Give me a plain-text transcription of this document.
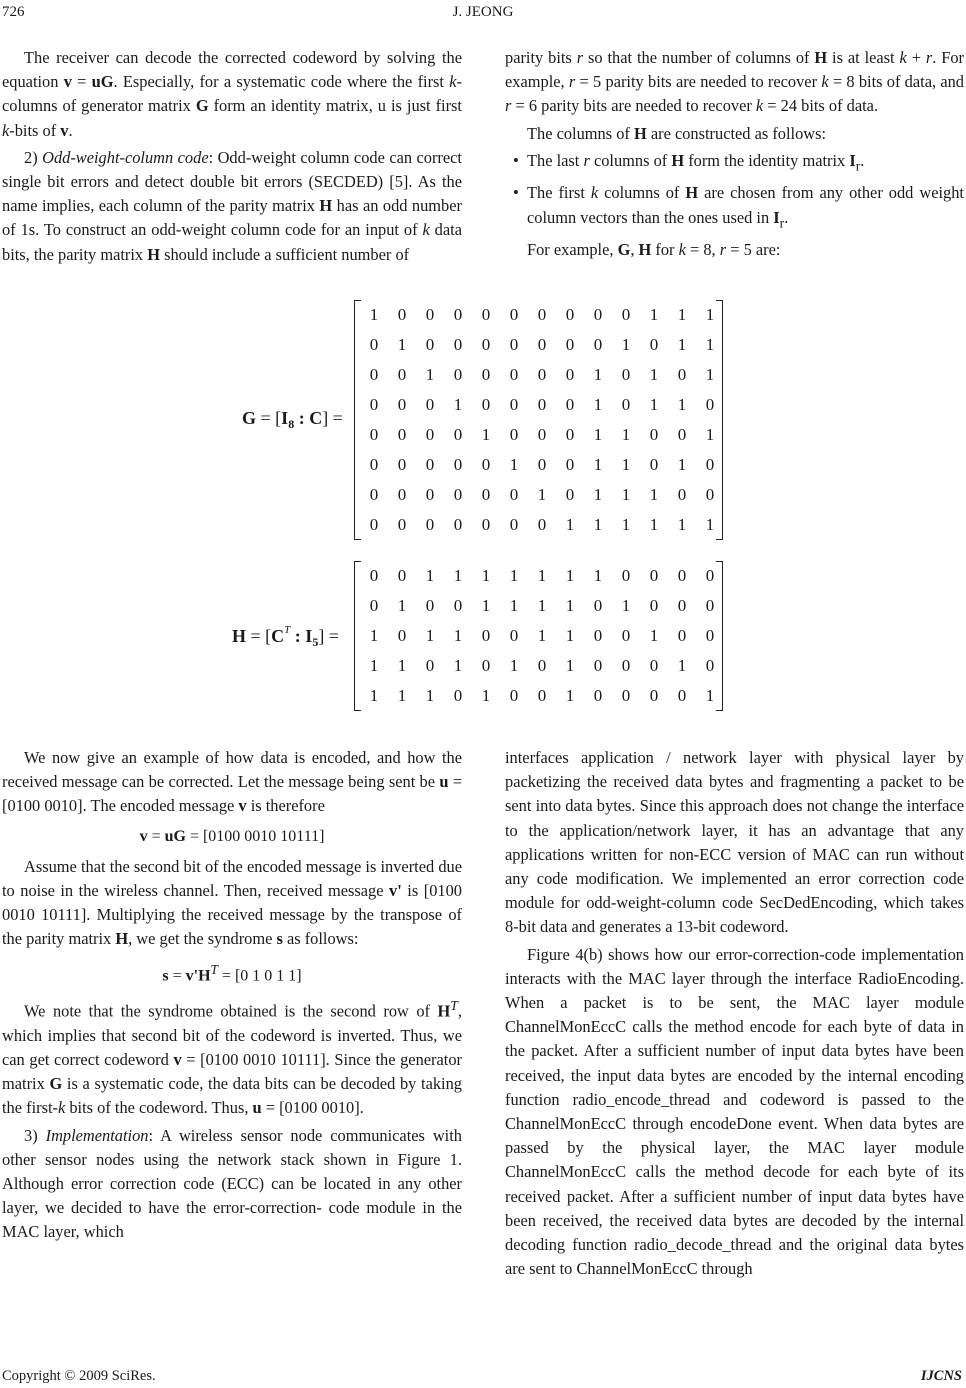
726	J. JEONG

The receiver can decode the corrected codeword by solving the equation v = uG. Especially, for a systematic code where the first k-columns of generator matrix G form an identity matrix, u is just first k-bits of v.

2) Odd-weight-column code: Odd-weight column code can correct single bit errors and detect double bit errors (SECDED) [5]. As the name implies, each column of the parity matrix H has an odd number of 1s. To construct an odd-weight column code for an input of k data bits, the parity matrix H should include a sufficient number of

parity bits r so that the number of columns of H is at least k + r. For example, r = 5 parity bits are needed to recover k = 8 bits of data, and r = 6 parity bits are needed to recover k = 24 bits of data.

The columns of H are constructed as follows:

• The last r columns of H form the identity matrix $I_r$.

• The first k columns of H are chosen from any other odd weight column vectors than the ones used in $I_r$.

For example, G, H for k = 8, r = 5 are:

$G = [I_8$ : C] =
1 0 0 0 0 0 0 0 0 0 1 1 1
0 1 0 0 0 0 0 0 0 1 0 1 1
0 0 1 0 0 0 0 0 1 0 1 0 1
0 0 0 1 0 0 0 0 1 0 1 1 0
0 0 0 0 1 0 0 0 1 1 0 0 1
0 0 0 0 0 1 0 0 1 1 0 1 0
0 0 0 0 0 0 1 0 1 1 1 0 0
0 0 0 0 0 0 0 1 1 1 1 1 1
$H = [C^T$ : $I_5$] =
0 0 1 1 1 1 1 1 1 0 0 0 0
0 1 0 0 1 1 1 1 0 1 0 0 0
1 0 1 1 0 0 1 1 0 0 1 0 0
1 1 0 1 0 1 0 1 0 0 0 1 0
1 1 1 0 1 0 0 1 0 0 0 0 1

We now give an example of how data is encoded, and how the received message can be corrected. Let the message being sent be u = [0100 0010]. The encoded message v is therefore

v = uG = [0100 0010 10111]

Assume that the second bit of the encoded message is inverted due to noise in the wireless channel. Then, received message v' is [0100 0010 10111]. Multiplying the received message by the transpose of the parity matrix H, we get the syndrome s as follows:

$s = v'H^T = [0$ 1 0 1 1]

We note that the syndrome obtained is the second row of $H^T$, which implies that second bit of the codeword is inverted. Thus, we can get correct codeword v = [0100 0010 10111]. Since the generator matrix G is a systematic code, the data bits can be decoded by taking the first-k bits of the codeword. Thus, u = [0100 0010].

3) Implementation: A wireless sensor node communicates with other sensor nodes using the network stack shown in Figure 1. Although error correction code (ECC) can be located in any other layer, we decided to have the error-correction- code module in the MAC layer, which

interfaces application / network layer with physical layer by packetizing the received data bytes and fragmenting a packet to be sent into data bytes. Since this approach does not change the interface to the application/network layer, it has an advantage that any applications written for non-ECC version of MAC can run without any code modification. We implemented an error correction code module for odd-weight-column code SecDedEncoding, which takes 8-bit data and generates a 13-bit codeword.

Figure 4(b) shows how our error-correction-code implementation interacts with the MAC layer through the interface RadioEncoding. When a packet is to be sent, the MAC layer module ChannelMonEccC calls the method encode for each byte of data in the packet. After a sufficient number of input data bytes have been received, the input data bytes are encoded by the internal encoding function radio_encode_thread and codeword is passed to the ChannelMonEccC through encodeDone event. When data bytes are passed by the physical layer, the MAC layer module ChannelMonEccC calls the method decode for each byte of its received packet. After a sufficient number of input data bytes have been received, the received data bytes are decoded by the internal decoding function radio_decode_thread and the original data bytes are sent to ChannelMonEccC through

Copyright © 2009 SciRes.	IJCNS
